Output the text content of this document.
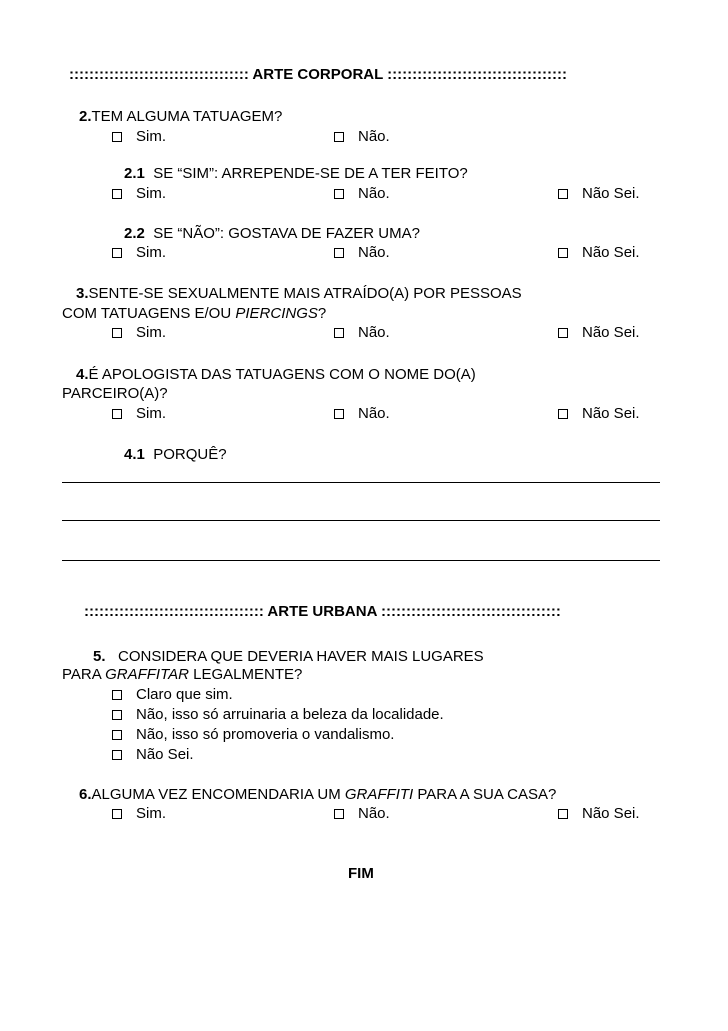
:::::::::::::::::::::::::::::::::::: ARTE CORPORAL ::::::::::::::::::::::::::::::::::::
2.TEM ALGUMA TATUAGEM?
Sim.	Não.
2.1 SE “SIM”: ARREPENDE-SE DE A TER FEITO?
Sim.	Não.	Não Sei.
2.2 SE “NÃO”: GOSTAVA DE FAZER UMA?
Sim.	Não.	Não Sei.
3.SENTE-SE SEXUALMENTE MAIS ATRAÍDO(A) POR PESSOAS
COM TATUAGENS E/OU PIERCINGS?
Sim.	Não.	Não Sei.
4.É APOLOGISTA DAS TATUAGENS COM O NOME DO(A)
PARCEIRO(A)?
Sim.	Não.	Não Sei.
4.1 PORQUÊ?
:::::::::::::::::::::::::::::::::::: ARTE URBANA ::::::::::::::::::::::::::::::::::::
5. CONSIDERA QUE DEVERIA HAVER MAIS LUGARES
PARA GRAFFITAR LEGALMENTE?
Claro que sim.
Não, isso só arruinaria a beleza da localidade.
Não, isso só promoveria o vandalismo.
Não Sei.
6.ALGUMA VEZ ENCOMENDARIA UM GRAFFITI PARA A SUA CASA?
Sim.	Não.	Não Sei.
FIM
